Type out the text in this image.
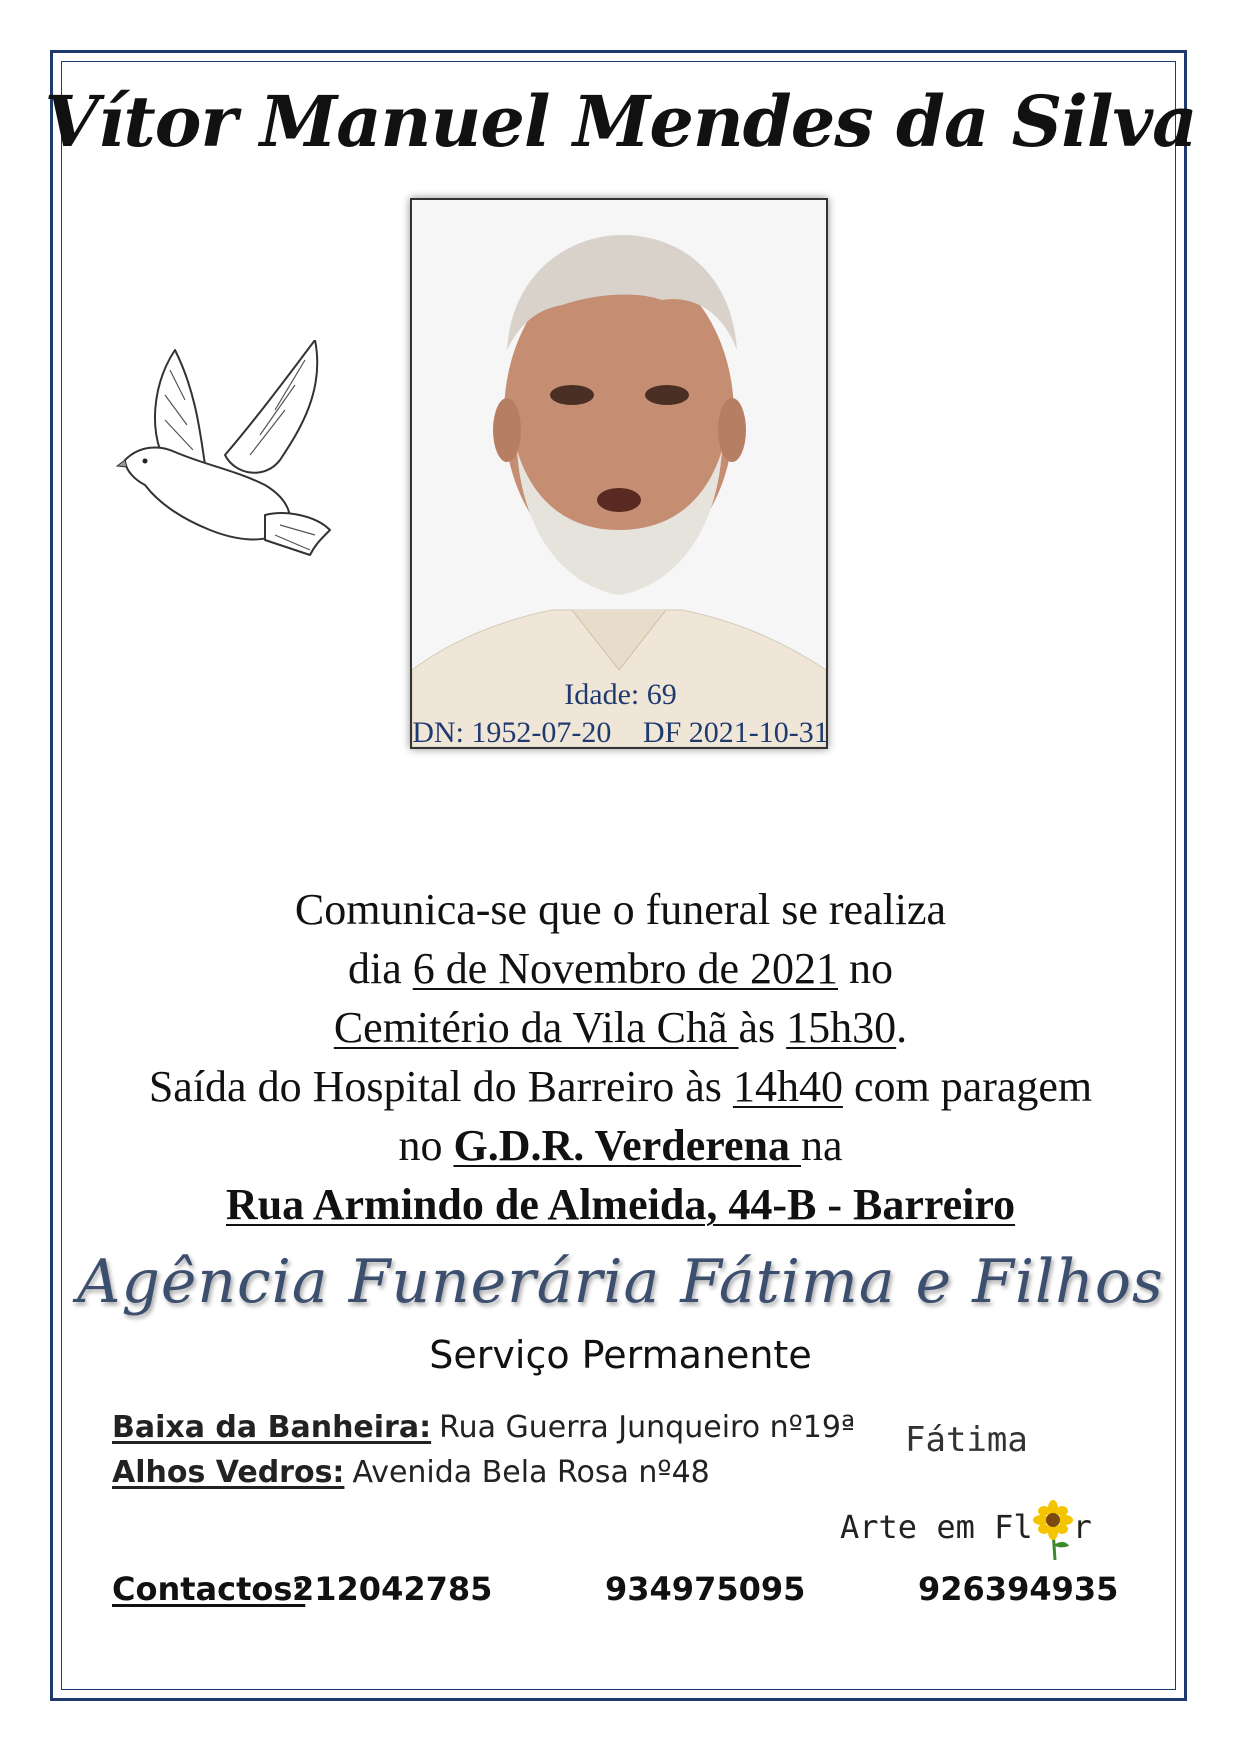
Vítor Manuel Mendes da Silva
Idade: 69
DN: 1952-07-20 DF 2021-10-31
Comunica-se que o funeral se realiza
dia 6 de Novembro de 2021 no
Cemitério da Vila Chã às 15h30.
Saída do Hospital do Barreiro às 14h40 com paragem
no G.D.R. Verderena na
Rua Armindo de Almeida, 44-B - Barreiro
Agência Funerária Fátima e Filhos
Serviço Permanente
Baixa da Banheira: Rua Guerra Junqueiro nº19ª
Alhos Vedros: Avenida Bela Rosa nº48
Fátima
Arte em Fl r
Contactos:
212042785	934975095	926394935
